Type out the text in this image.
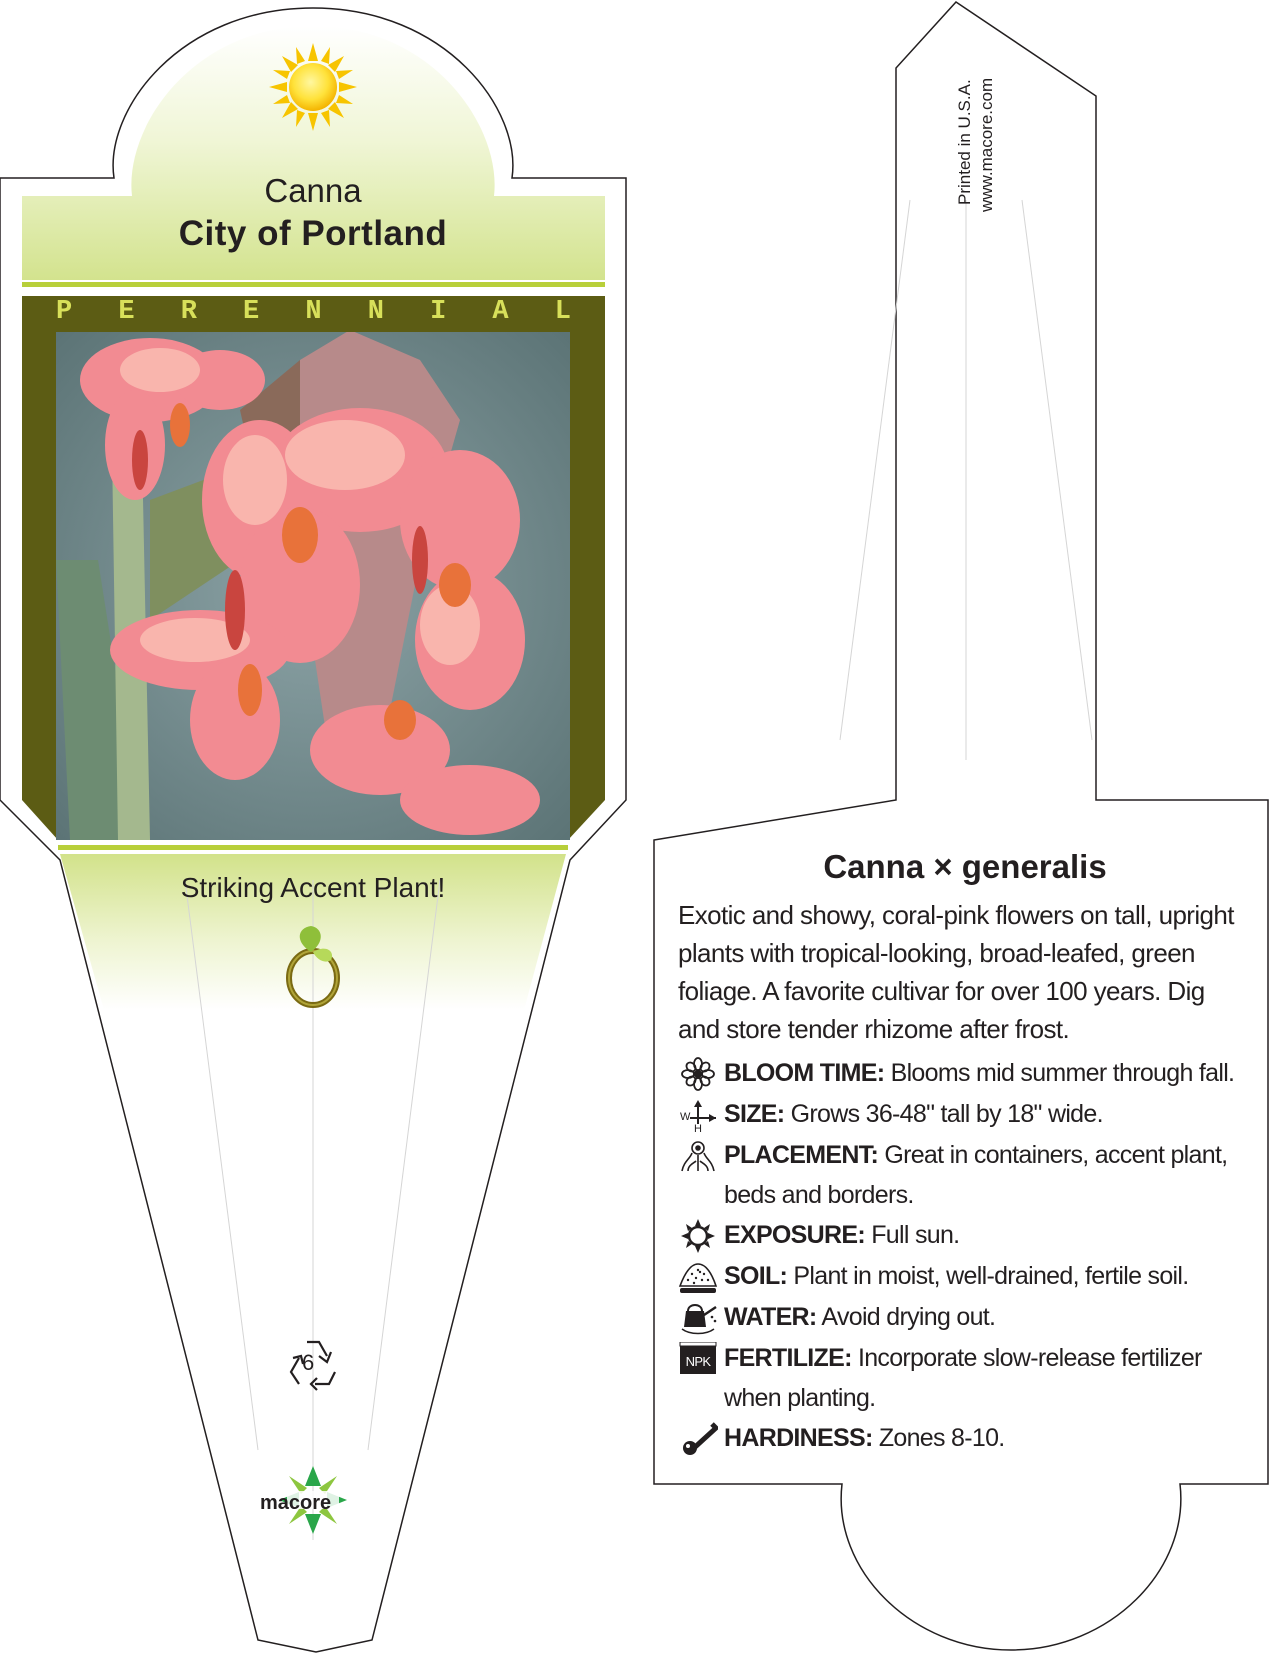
Canna
City of Portland
P E R E N N I A L
Striking Accent Plant!
6
macore
Printed in U.S.A. www.macore.com
Canna × generalis
Exotic and showy, coral-pink flowers on tall, upright plants with tropical-looking, broad-leafed, green foliage. A favorite cultivar for over 100 years. Dig and store tender rhizome after frost.
BLOOM TIME: Blooms mid summer through fall.
W
H
SIZE: Grows 36-48" tall by 18" wide.
PLACEMENT: Great in containers, accent plant, beds and borders.
EXPOSURE: Full sun.
SOIL: Plant in moist, well-drained, fertile soil.
WATER: Avoid drying out.
NPK FERTILIZE: Incorporate slow-release fertilizer when planting.
HARDINESS: Zones 8-10.
